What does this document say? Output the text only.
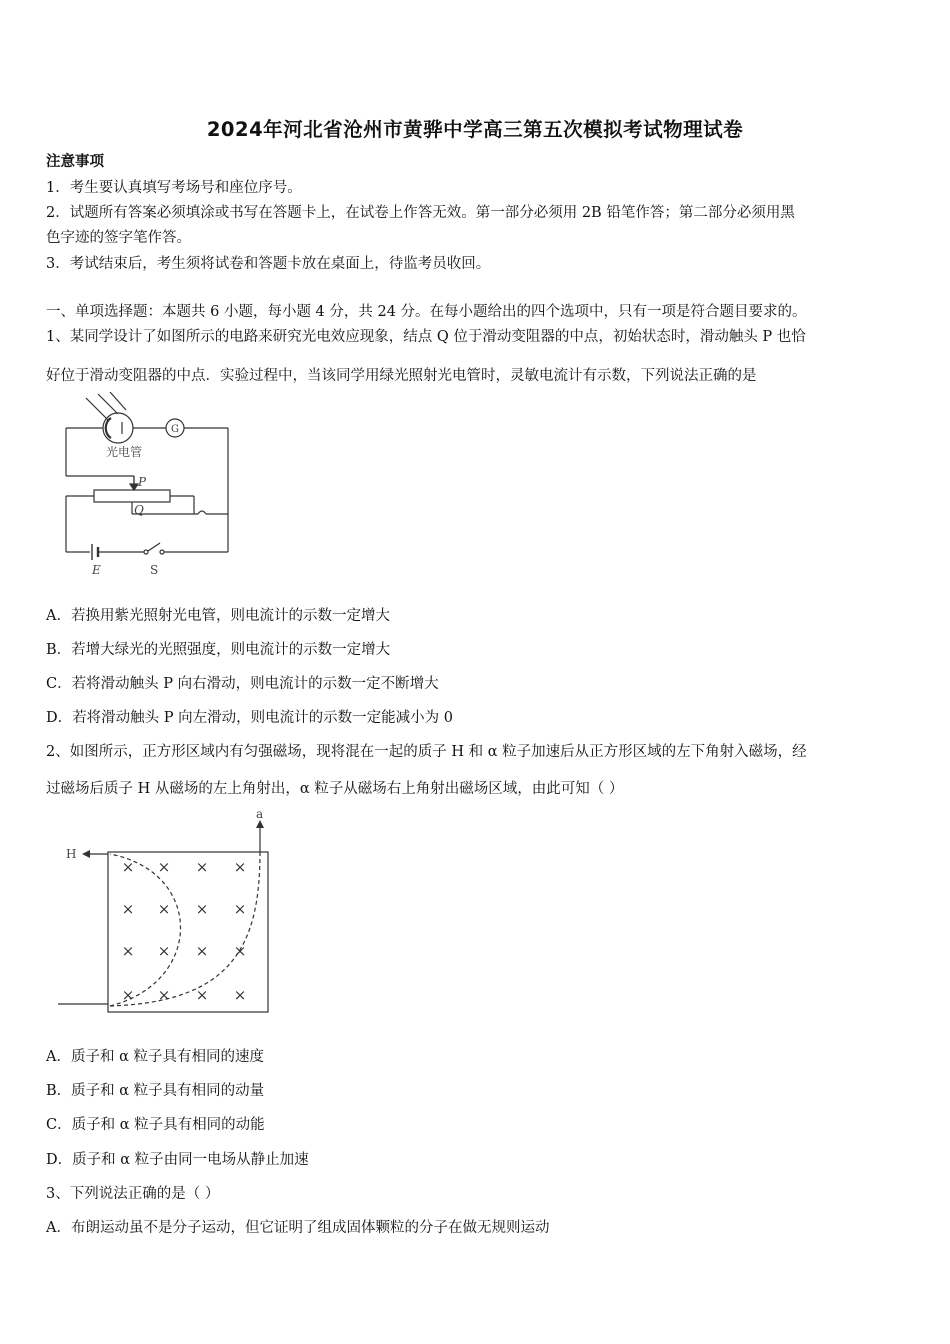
2024年河北省沧州市黄骅中学高三第五次模拟考试物理试卷
注意事项
1．考生要认真填写考场号和座位序号。
2．试题所有答案必须填涂或书写在答题卡上，在试卷上作答无效。第一部分必须用 2B 铅笔作答；第二部分必须用黑
色字迹的签字笔作答。
3．考试结束后，考生须将试卷和答题卡放在桌面上，待监考员收回。
一、单项选择题：本题共 6 小题，每小题 4 分，共 24 分。在每小题给出的四个选项中，只有一项是符合题目要求的。
1、某同学设计了如图所示的电路来研究光电效应现象，结点 Q 位于滑动变阻器的中点，初始状态时，滑动触头 P 也恰
好位于滑动变阻器的中点．实验过程中，当该同学用绿光照射光电管时，灵敏电流计有示数，下列说法正确的是
光电管
G
P
Q
E	S
A．若换用紫光照射光电管，则电流计的示数一定增大
B．若增大绿光的光照强度，则电流计的示数一定增大
C．若将滑动触头 P 向右滑动，则电流计的示数一定不断增大
D．若将滑动触头 P 向左滑动，则电流计的示数一定能减小为 0
2、如图所示，正方形区域内有匀强磁场，现将混在一起的质子 H 和 α 粒子加速后从正方形区域的左下角射入磁场，经
过磁场后质子 H 从磁场的左上角射出，α 粒子从磁场右上角射出磁场区域，由此可知（ ）
H
a
× × × ×
× × × ×
× × × ×
× × × ×
A．质子和 α 粒子具有相同的速度
B．质子和 α 粒子具有相同的动量
C．质子和 α 粒子具有相同的动能
D．质子和 α 粒子由同一电场从静止加速
3、下列说法正确的是（ ）
A．布朗运动虽不是分子运动，但它证明了组成固体颗粒的分子在做无规则运动
